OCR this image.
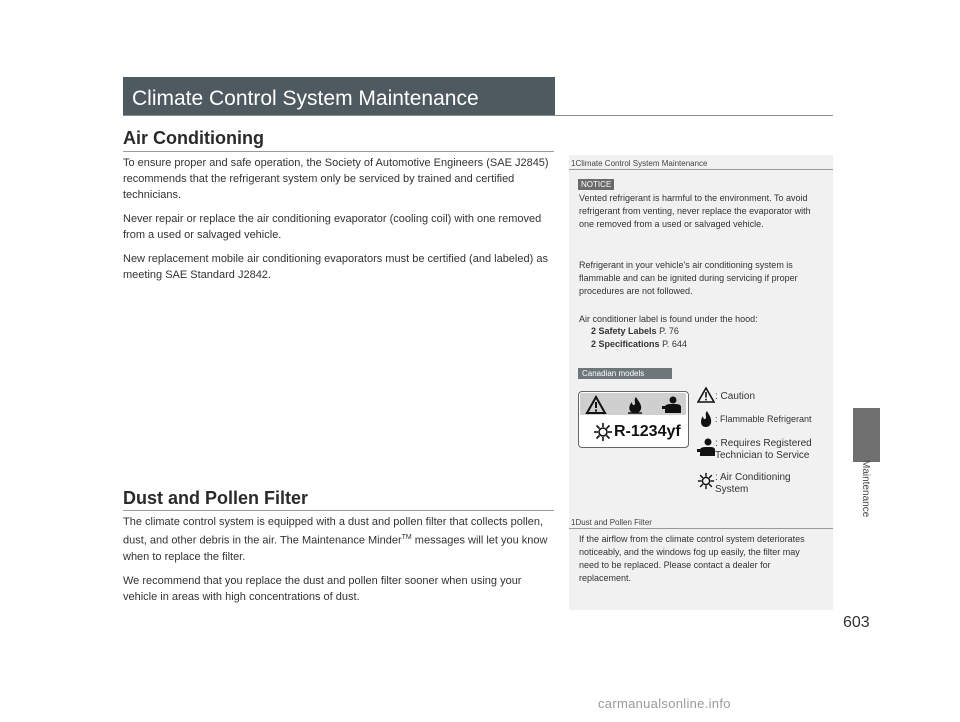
Climate Control System Maintenance
Air Conditioning

To ensure proper and safe operation, the Society of Automotive Engineers (SAE J2845) recommends that the refrigerant system only be serviced by trained and certified technicians.

Never repair or replace the air conditioning evaporator (cooling coil) with one removed from a used or salvaged vehicle.

New replacement mobile air conditioning evaporators must be certified (and labeled) as meeting SAE Standard J2842.

Dust and Pollen Filter

The climate control system is equipped with a dust and pollen filter that collects pollen, dust, and other debris in the air. The Maintenance Minder™ messages will let you know when to replace the filter.

We recommend that you replace the dust and pollen filter sooner when using your vehicle in areas with high concentrations of dust.

1Climate Control System Maintenance
NOTICE
Vented refrigerant is harmful to the environment. To avoid refrigerant from venting, never replace the evaporator with one removed from a used or salvaged vehicle.
Refrigerant in your vehicle's air conditioning system is flammable and can be ignited during servicing if proper procedures are not followed.
Air conditioner label is found under the hood:
2 Safety Labels P. 76
2 Specifications P. 644
Canadian models
R-1234yf
: Caution
: Flammable Refrigerant
: Requires Registered Technician to Service
: Air Conditioning System
1Dust and Pollen Filter
If the airflow from the climate control system deteriorates noticeably, and the windows fog up easily, the filter may need to be replaced. Please contact a dealer for replacement.
Maintenance
603
carmanualsonline.info
